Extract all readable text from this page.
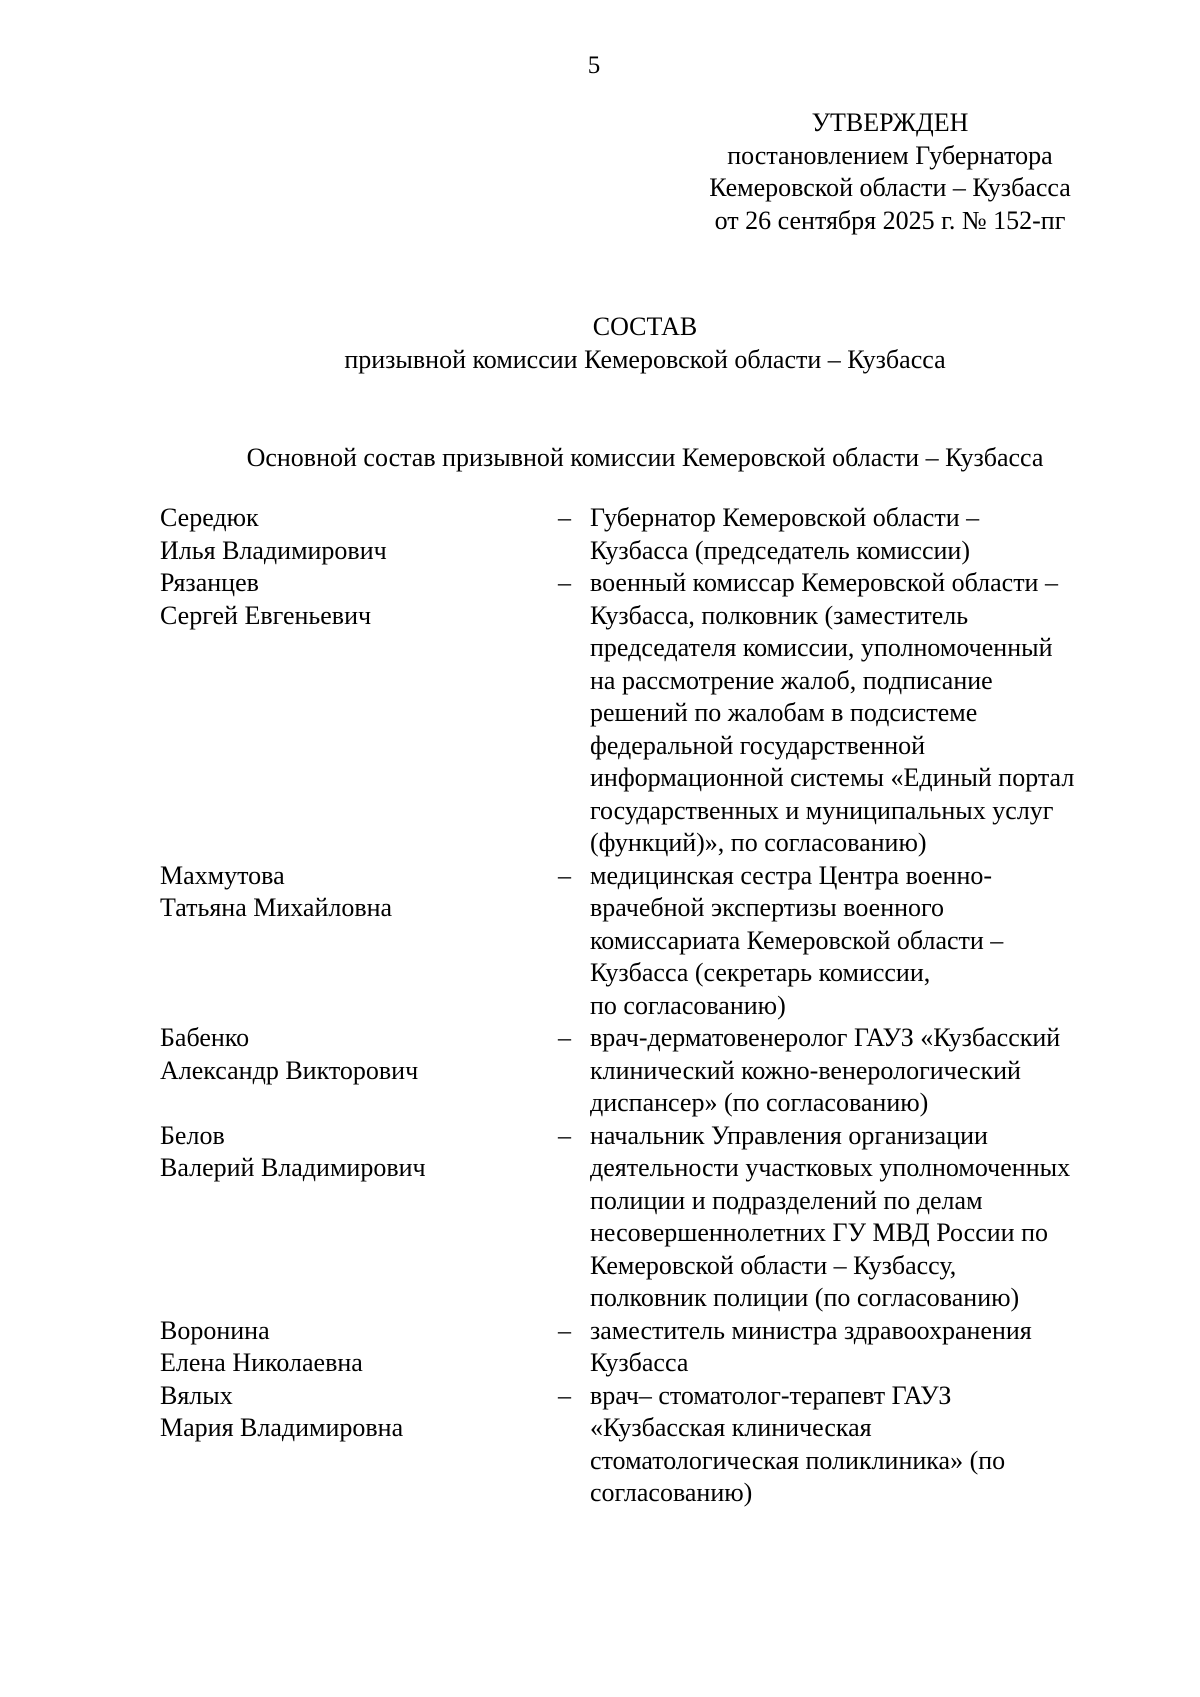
5
УТВЕРЖДЕН
постановлением Губернатора
Кемеровской области – Кузбасса
от 26 сентября 2025 г. № 152-пг
СОСТАВ
призывной комиссии Кемеровской области – Кузбасса
Основной состав призывной комиссии Кемеровской области – Кузбасса
Середюк
Илья Владимирович
– Губернатор Кемеровской области –
Кузбасса (председатель комиссии)
Рязанцев
Сергей Евгеньевич
– военный комиссар Кемеровской области –
Кузбасса, полковник (заместитель
председателя комиссии, уполномоченный
на рассмотрение жалоб, подписание
решений по жалобам в подсистеме
федеральной государственной
информационной системы «Единый портал
государственных и муниципальных услуг
(функций)», по согласованию)
Махмутова
Татьяна Михайловна
– медицинская сестра Центра военно-
врачебной экспертизы военного
комиссариата Кемеровской области –
Кузбасса (секретарь комиссии,
по согласованию)
Бабенко
Александр Викторович
– врач-дерматовенеролог ГАУЗ «Кузбасский
клинический кожно-венерологический
диспансер» (по согласованию)
Белов
Валерий Владимирович
– начальник Управления организации
деятельности участковых уполномоченных
полиции и подразделений по делам
несовершеннолетних ГУ МВД России по
Кемеровской области – Кузбассу,
полковник полиции (по согласованию)
Воронина
Елена Николаевна
– заместитель министра здравоохранения
Кузбасса
Вялых
Мария Владимировна
– врач– стоматолог-терапевт ГАУЗ
«Кузбасская клиническая
стоматологическая поликлиника» (по
согласованию)
